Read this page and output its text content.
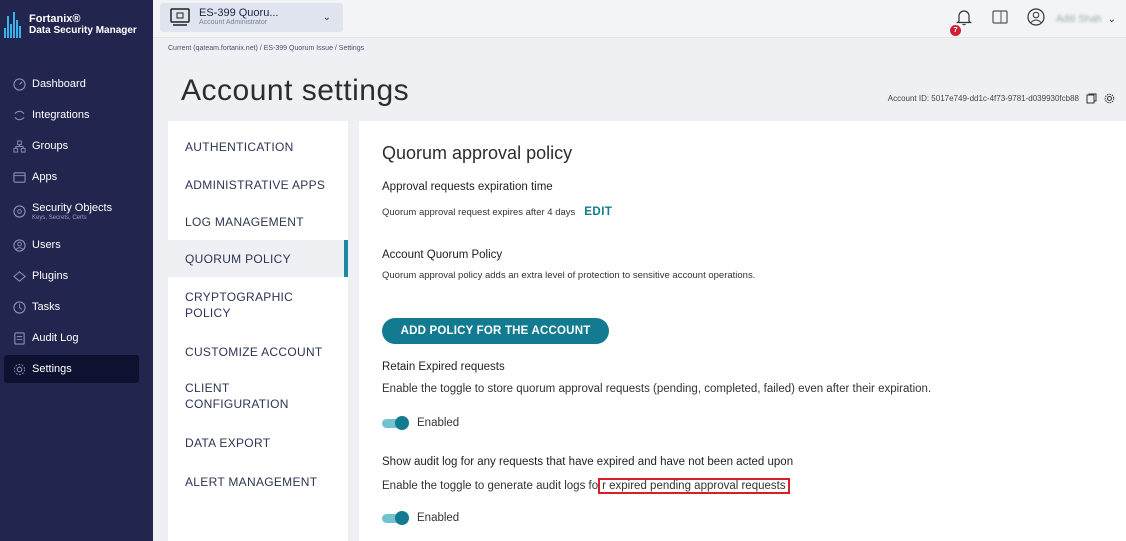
Fortanix®
Data Security Manager
Dashboard
Integrations
Groups
Apps
Security Objects
Keys, Secrets, Certs
Users
Plugins
Tasks
Audit Log
Settings
ES-399 Quoru...
Account Administrator	⌄
7
Aditi Shah ⌄
Current (qateam.fortanix.net) / ES-399 Quorum Issue / Settings
Account settings	Account ID: 5017e749-dd1c-4f73-9781-d039930fcb88
AUTHENTICATION
ADMINISTRATIVE APPS
LOG MANAGEMENT
QUORUM POLICY
CRYPTOGRAPHIC POLICY
CUSTOMIZE ACCOUNT
CLIENT CONFIGURATION
DATA EXPORT
ALERT MANAGEMENT
Quorum approval policy
Approval requests expiration time
Quorum approval request expires after 4 days EDIT
Account Quorum Policy
Quorum approval policy adds an extra level of protection to sensitive account operations.
ADD POLICY FOR THE ACCOUNT
Retain Expired requests
Enable the toggle to store quorum approval requests (pending, completed, failed) even after their expiration.
Enabled
Show audit log for any requests that have expired and have not been acted upon
Enable the toggle to generate audit logs fo r expired pending approval requests
Enabled
